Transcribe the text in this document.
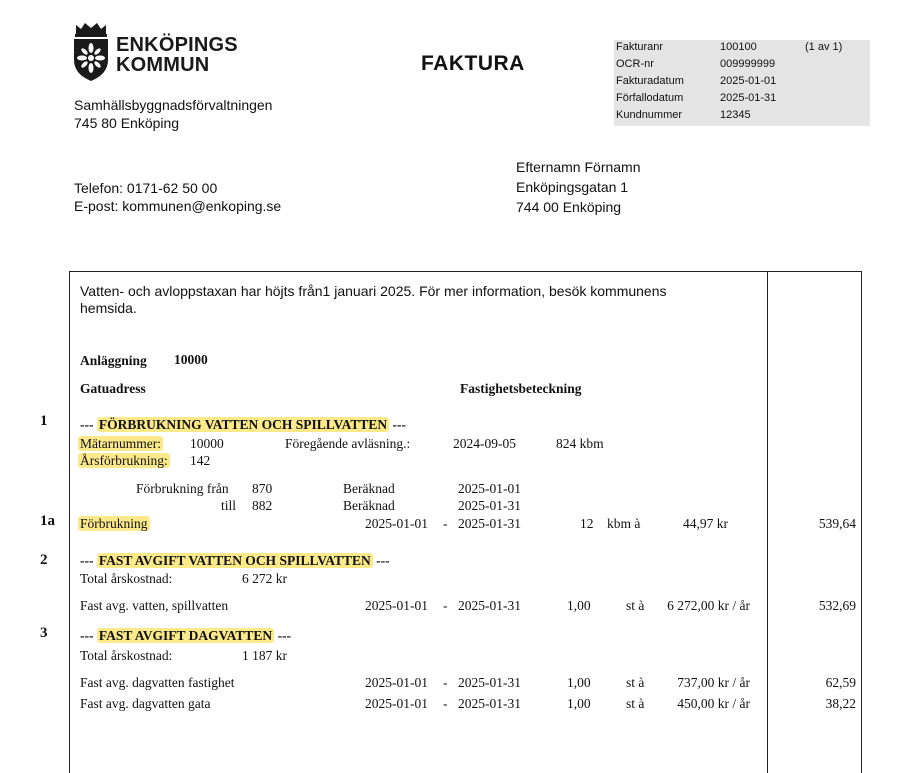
ENKÖPINGS
KOMMUN	FAKTURA
Fakturanr	100100	(1 av 1)
OCR-nr	009999999
Fakturadatum	2025-01-01
Förfallodatum	2025-01-31
Kundnummer	12345
Samhällsbyggnadsförvaltningen
745 80 Enköping
Telefon: 0171-62 50 00
E-post: kommunen@enkoping.se
Efternamn Förnamn
Enköpingsgatan 1
744 00 Enköping
Vatten- och avloppstaxan har höjts från1 januari 2025. För mer information, besök kommunens
hemsida.
Anläggning 10000
Gatuadress	Fastighetsbeteckning
1 --- FÖRBRUKNING VATTEN OCH SPILLVATTEN ---
Mätarnummer: 10000	Föregående avläsning.:	2024-09-05	824 kbm
Årsförbrukning: 142
Förbrukning från 870	Beräknad	2025-01-01
till 882	Beräknad	2025-01-31
1a Förbrukning	2025-01-01 - 2025-01-31	12 kbm à	44,97 kr	539,64
2 --- FAST AVGIFT VATTEN OCH SPILLVATTEN ---
Total årskostnad:	6 272 kr
Fast avg. vatten, spillvatten	2025-01-01 - 2025-01-31	1,00	st à	6 272,00 kr / år	532,69
3 --- FAST AVGIFT DAGVATTEN ---
Total årskostnad:	1 187 kr
Fast avg. dagvatten fastighet	2025-01-01 - 2025-01-31	1,00	st à	737,00 kr / år	62,59
Fast avg. dagvatten gata	2025-01-01 - 2025-01-31	1,00	st à	450,00 kr / år	38,22
